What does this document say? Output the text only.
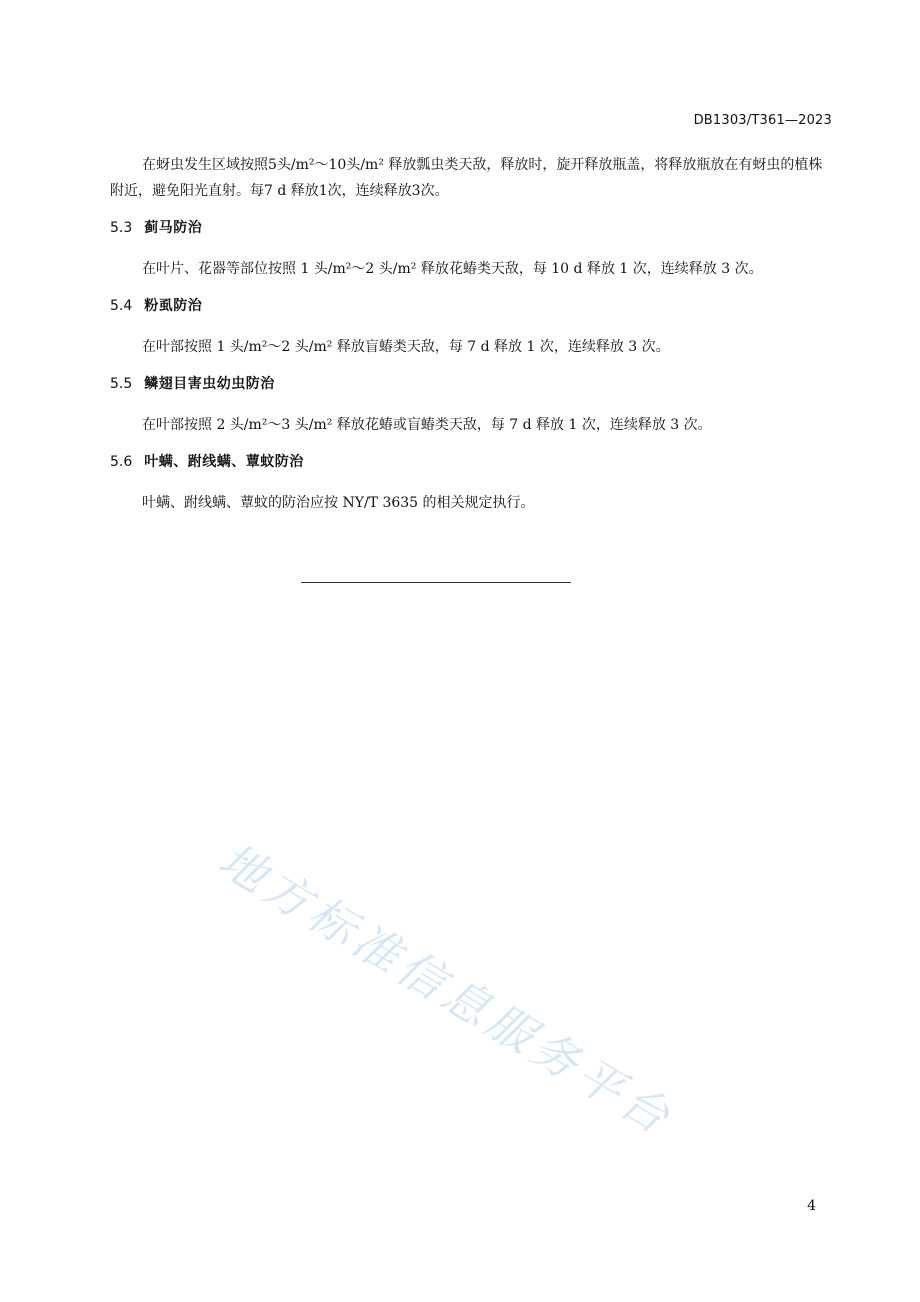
DB1303/T361—2023

在蚜虫发生区域按照5头/m²～10头/m² 释放瓢虫类天敌，释放时，旋开释放瓶盖，将释放瓶放在有蚜虫的植株附近，避免阳光直射。每7 d 释放1次，连续释放3次。

5.3 蓟马防治

在叶片、花器等部位按照 1 头/m²～2 头/m² 释放花蝽类天敌，每 10 d 释放 1 次，连续释放 3 次。

5.4 粉虱防治

在叶部按照 1 头/m²～2 头/m² 释放盲蝽类天敌，每 7 d 释放 1 次，连续释放 3 次。

5.5 鳞翅目害虫幼虫防治

在叶部按照 2 头/m²～3 头/m² 释放花蝽或盲蝽类天敌，每 7 d 释放 1 次，连续释放 3 次。

5.6 叶螨、跗线螨、蕈蚊防治

叶螨、跗线螨、蕈蚊的防治应按 NY/T 3635 的相关规定执行。

地方标准信息服务平台
4
